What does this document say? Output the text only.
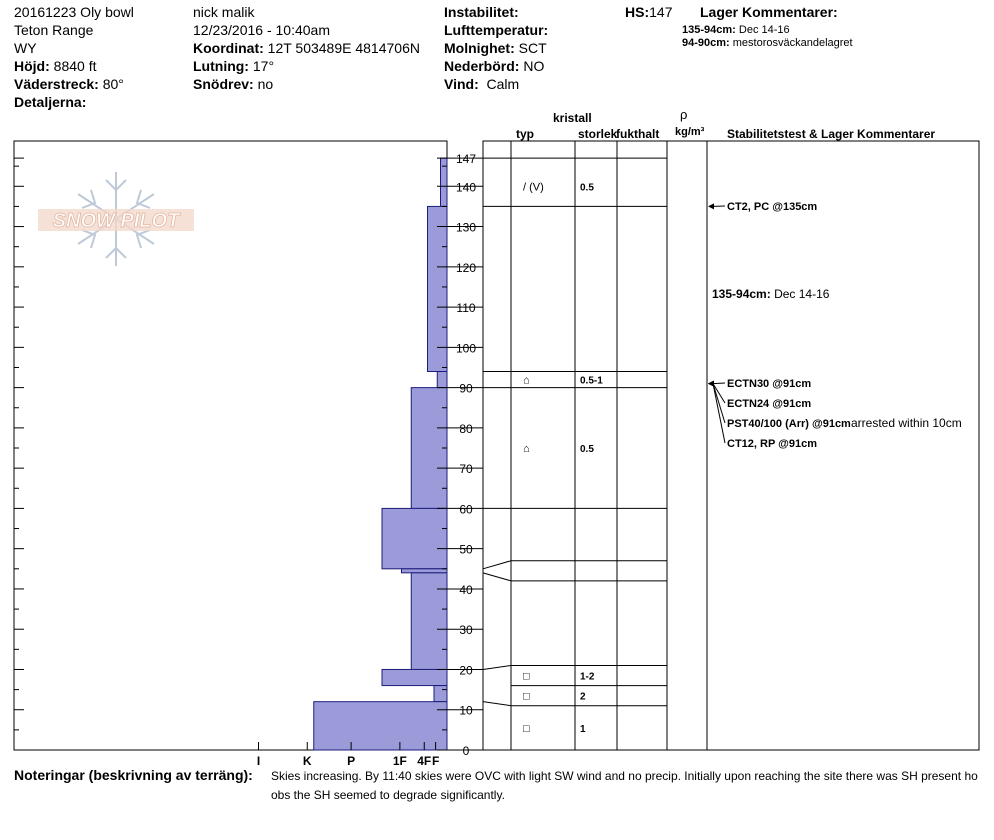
20161223 Oly bowl
Teton Range
WY
Höjd: 8840 ft
Väderstreck: 80°
Detaljerna:
nick malik
12/23/2016 - 10:40am
Koordinat: 12T 503489E 4814706N
Lutning: 17°
Snödrev: no
Instabilitet:
Lufttemperatur:
Molnighet: SCT
Nederbörd: NO
Vind: Calm
HS:147 Lager Kommentarer:
135-94cm: Dec 14-16
94-90cm: mestorosväckandelagret
kristall
typ	storlek
fukthalt
ρ
kg/m³ Stabilitetstest & Lager Kommentarer
SNOW PILOT
0
10
20
30
40
50
60
70
80
90
100
110
120
130
140
147
I	K	P	1F 4F F
/ (V)	0.5
⌂	0.5-1
⌂	0.5
□	1-2
□	2
□	1
CT2, PC @135cm
ECTN30 @91cm
ECTN24 @91cm
PST40/100 (Arr) @91cm arrested within 10cm
CT12, RP @91cm
135-94cm: Dec 14-16
Noteringar (beskrivning av terräng): Skies increasing. By 11:40 skies were OVC with light SW wind and no precip. Initially upon reaching the site there was SH present ho
obs the SH seemed to degrade significantly.
